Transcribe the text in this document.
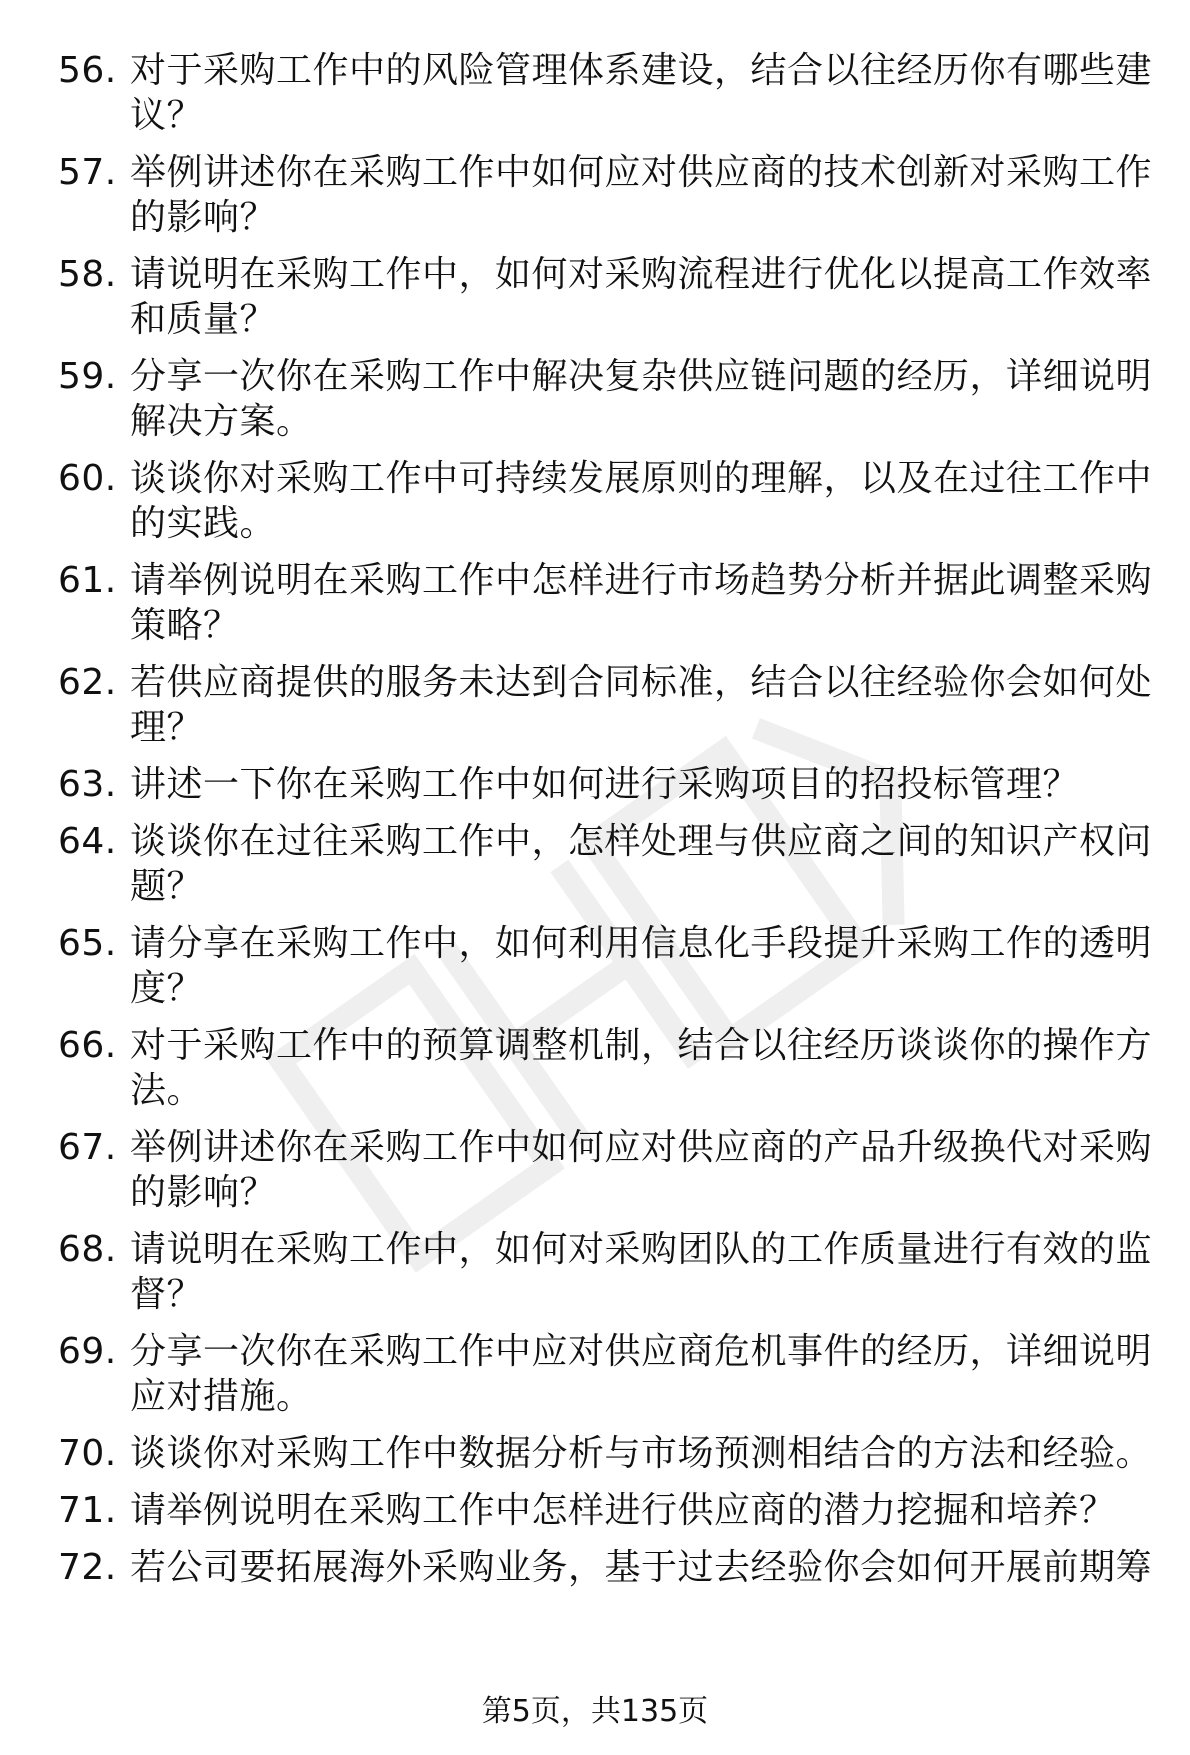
56. 对于采购工作中的风险管理体系建设，结合以往经历你有哪些建议？
57. 举例讲述你在采购工作中如何应对供应商的技术创新对采购工作的影响？
58. 请说明在采购工作中，如何对采购流程进行优化以提高工作效率和质量？
59. 分享一次你在采购工作中解决复杂供应链问题的经历，详细说明解决方案。
60. 谈谈你对采购工作中可持续发展原则的理解，以及在过往工作中的实践。
61. 请举例说明在采购工作中怎样进行市场趋势分析并据此调整采购策略？
62. 若供应商提供的服务未达到合同标准，结合以往经验你会如何处理？
63. 讲述一下你在采购工作中如何进行采购项目的招投标管理？
64. 谈谈你在过往采购工作中，怎样处理与供应商之间的知识产权问题？
65. 请分享在采购工作中，如何利用信息化手段提升采购工作的透明度？
66. 对于采购工作中的预算调整机制，结合以往经历谈谈你的操作方法。
67. 举例讲述你在采购工作中如何应对供应商的产品升级换代对采购的影响？
68. 请说明在采购工作中，如何对采购团队的工作质量进行有效的监督？
69. 分享一次你在采购工作中应对供应商危机事件的经历，详细说明应对措施。
70. 谈谈你对采购工作中数据分析与市场预测相结合的方法和经验。
71. 请举例说明在采购工作中怎样进行供应商的潜力挖掘和培养？
72. 若公司要拓展海外采购业务，基于过去经验你会如何开展前期筹
第5页，共135页
